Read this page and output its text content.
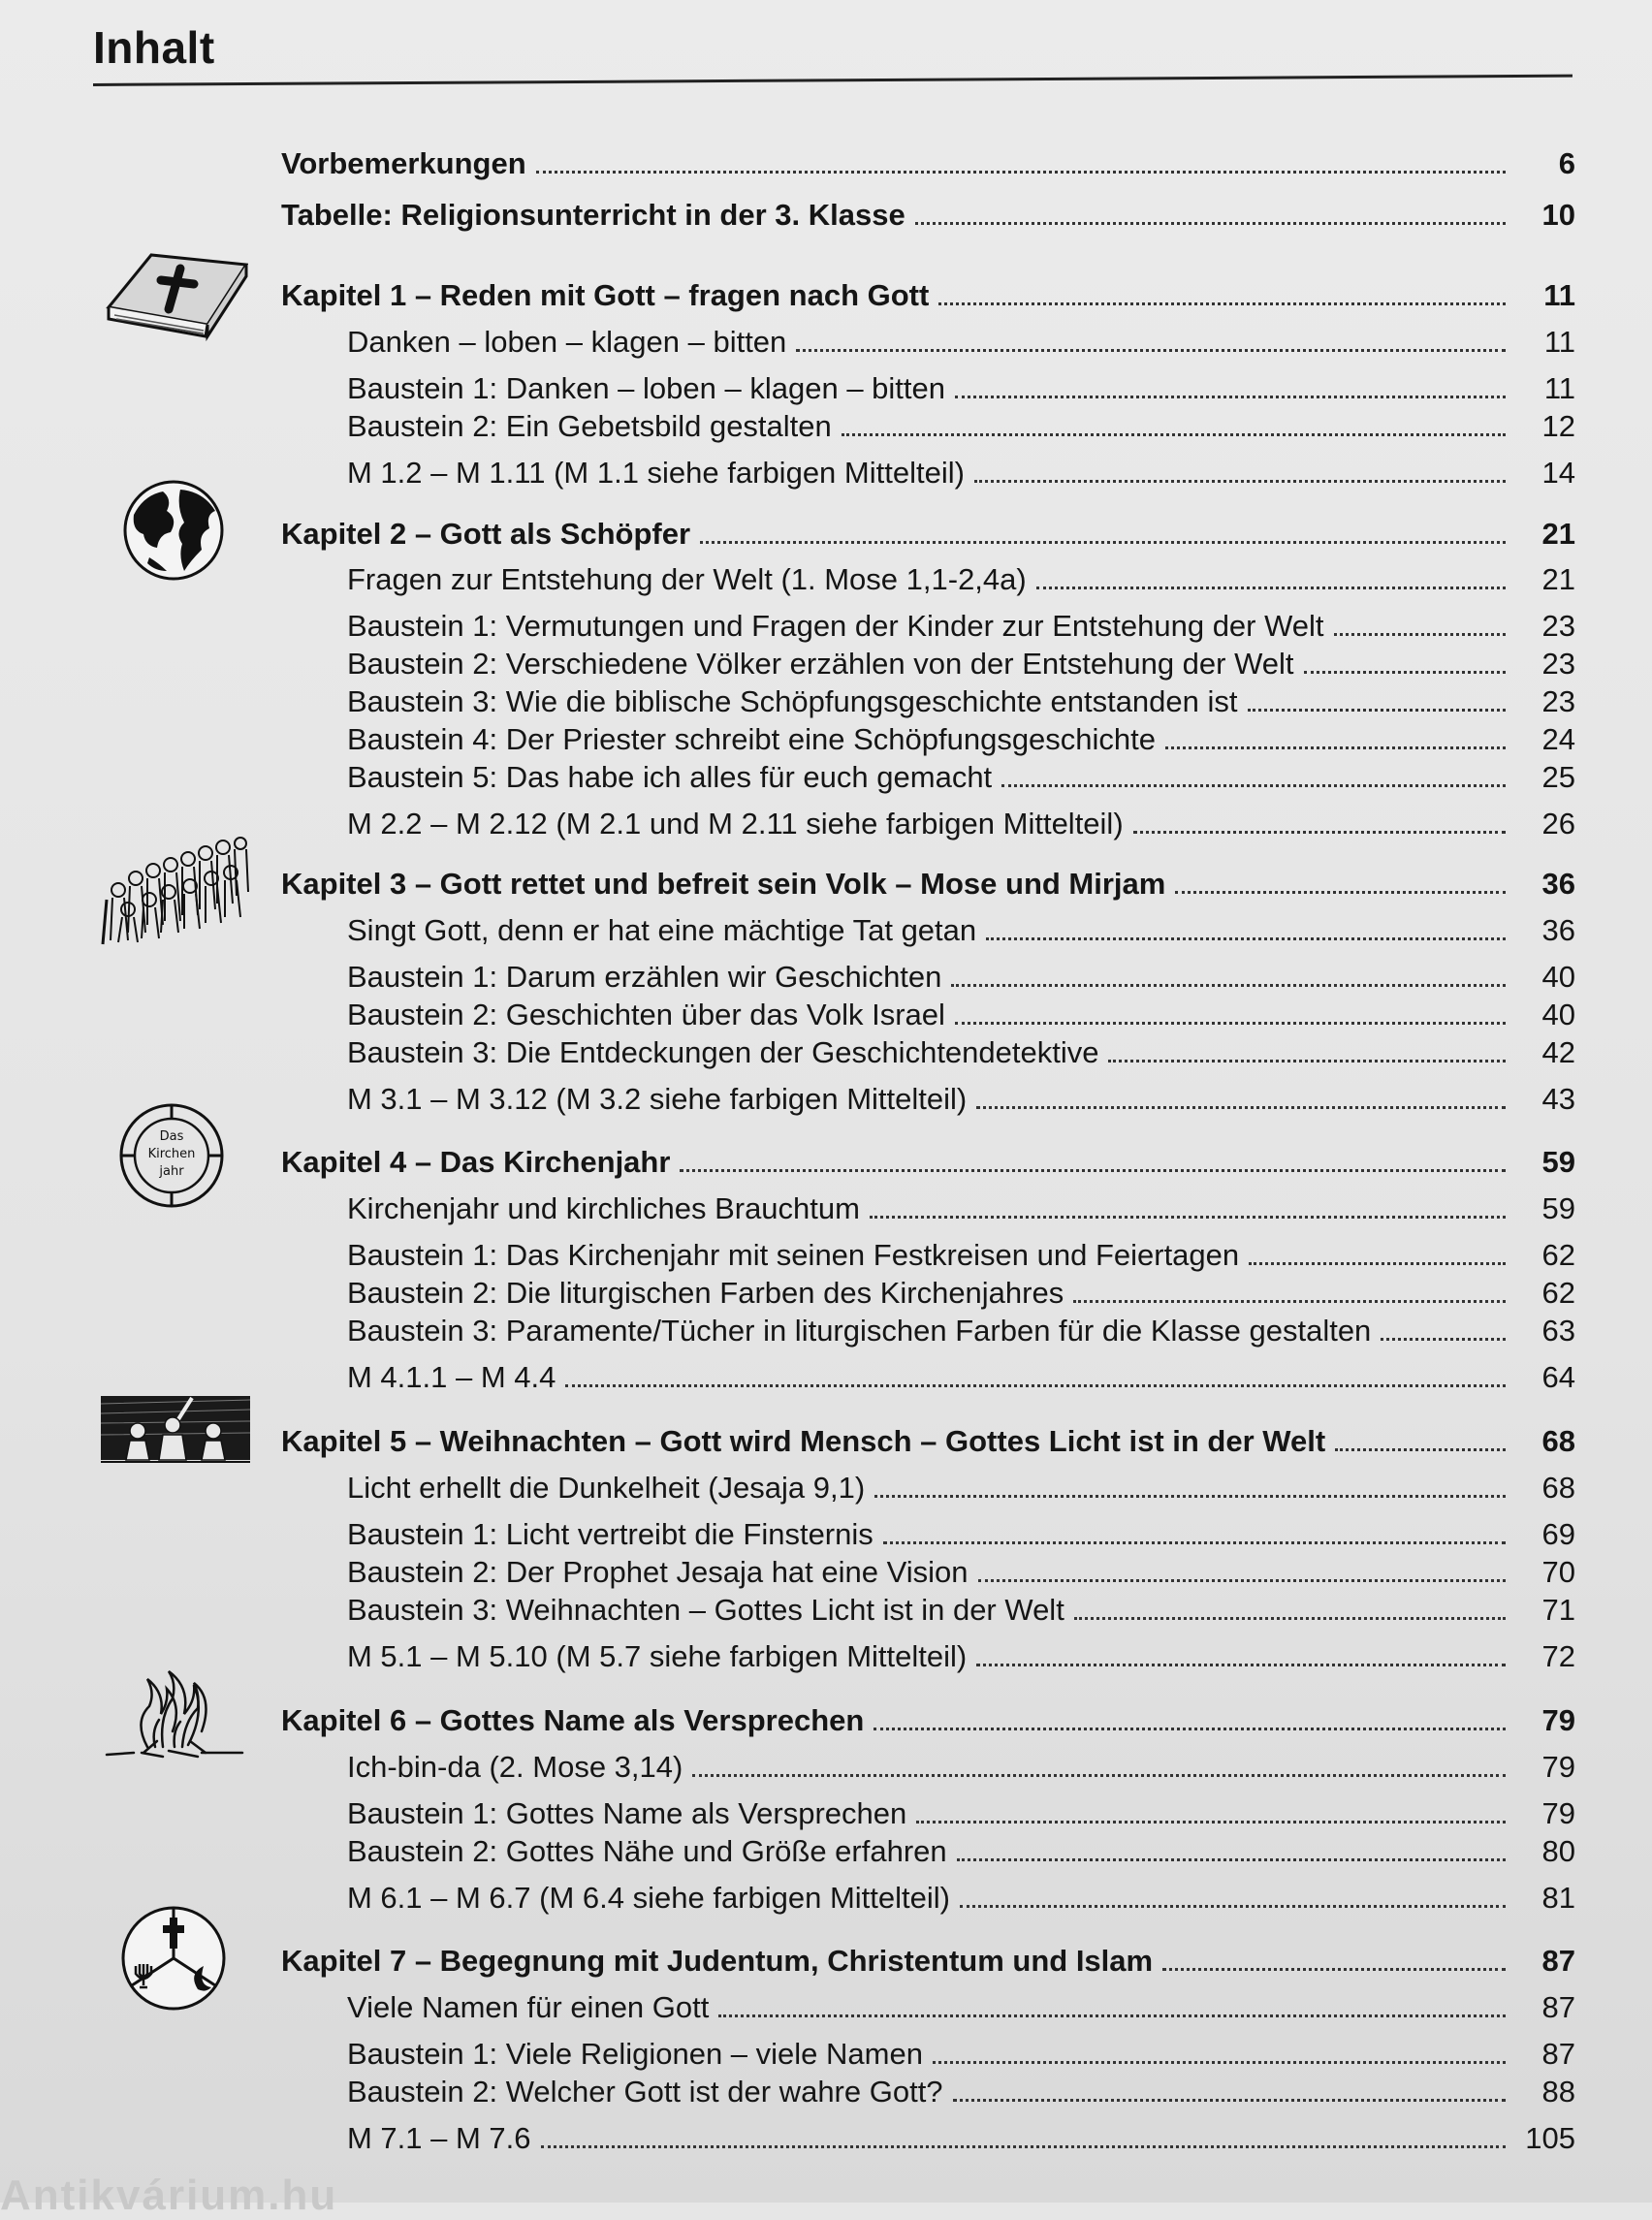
Inhalt
Vorbemerkungen	6
Tabelle: Religionsunterricht in der 3. Klasse	10
Kapitel 1 – Reden mit Gott – fragen nach Gott	11
Danken – loben – klagen – bitten	11
Baustein 1: Danken – loben – klagen – bitten	11
Baustein 2: Ein Gebetsbild gestalten	12
M 1.2 – M 1.11 (M 1.1 siehe farbigen Mittelteil)	14
Kapitel 2 – Gott als Schöpfer	21
Fragen zur Entstehung der Welt (1. Mose 1,1-2,4a)	21
Baustein 1: Vermutungen und Fragen der Kinder zur Entstehung der Welt	23
Baustein 2: Verschiedene Völker erzählen von der Entstehung der Welt	23
Baustein 3: Wie die biblische Schöpfungsgeschichte entstanden ist	23
Baustein 4: Der Priester schreibt eine Schöpfungsgeschichte	24
Baustein 5: Das habe ich alles für euch gemacht	25
M 2.2 – M 2.12 (M 2.1 und M 2.11 siehe farbigen Mittelteil)	26
Kapitel 3 – Gott rettet und befreit sein Volk – Mose und Mirjam	36
Singt Gott, denn er hat eine mächtige Tat getan	36
Baustein 1: Darum erzählen wir Geschichten	40
Baustein 2: Geschichten über das Volk Israel	40
Baustein 3: Die Entdeckungen der Geschichtendetektive	42
M 3.1 – M 3.12 (M 3.2 siehe farbigen Mittelteil)	43
Kapitel 4 – Das Kirchenjahr	59
Kirchenjahr und kirchliches Brauchtum	59
Baustein 1: Das Kirchenjahr mit seinen Festkreisen und Feiertagen	62
Baustein 2: Die liturgischen Farben des Kirchenjahres	62
Baustein 3: Paramente/Tücher in liturgischen Farben für die Klasse gestalten	63
M 4.1.1 – M 4.4	64
Kapitel 5 – Weihnachten – Gott wird Mensch – Gottes Licht ist in der Welt	68
Licht erhellt die Dunkelheit (Jesaja 9,1)	68
Baustein 1: Licht vertreibt die Finsternis	69
Baustein 2: Der Prophet Jesaja hat eine Vision	70
Baustein 3: Weihnachten – Gottes Licht ist in der Welt	71
M 5.1 – M 5.10 (M 5.7 siehe farbigen Mittelteil)	72
Kapitel 6 – Gottes Name als Versprechen	79
Ich-bin-da (2. Mose 3,14)	79
Baustein 1: Gottes Name als Versprechen	79
Baustein 2: Gottes Nähe und Größe erfahren	80
M 6.1 – M 6.7 (M 6.4 siehe farbigen Mittelteil)	81
Kapitel 7 – Begegnung mit Judentum, Christentum und Islam	87
Viele Namen für einen Gott	87
Baustein 1: Viele Religionen – viele Namen	87
Baustein 2: Welcher Gott ist der wahre Gott?	88
M 7.1 – M 7.6	105
Das
Kirchen
jahr
Antikvárium.hu
